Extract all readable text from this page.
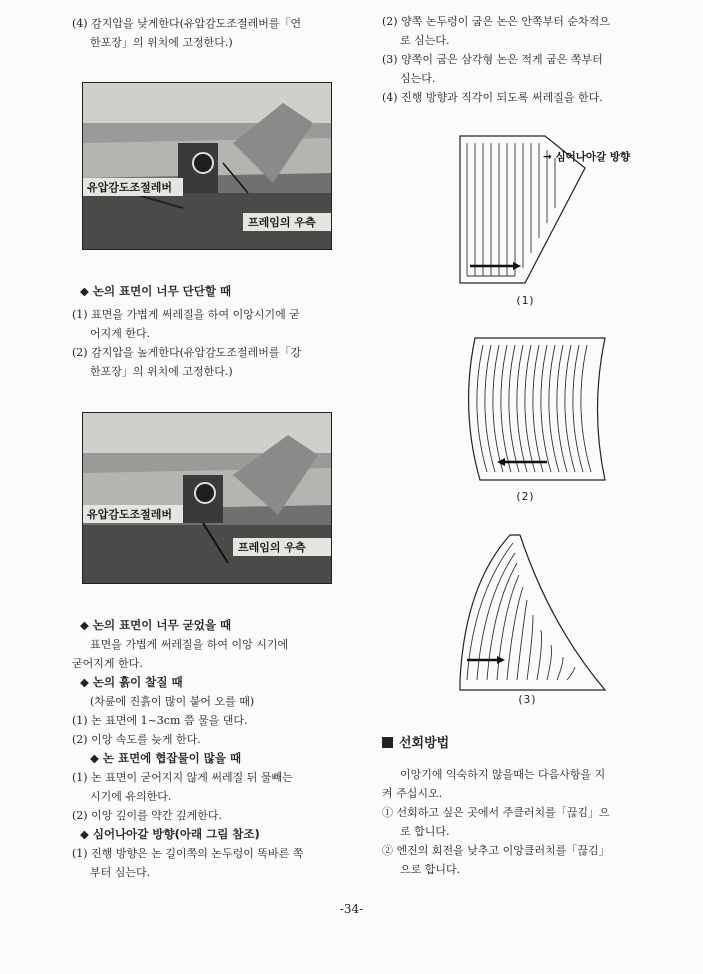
(4) 감지압을 낮게한다(유압감도조절레버를「연

한포장」의 위치에 고정한다.)

유압감도조절레버
프레임의 우측

◆ 논의 표면이 너무 단단할 때

(1) 표면을 가볍게 써레질을 하여 이앙시기에 굳

어지게 한다.

(2) 감지압을 높게한다(유압감도조절레버를「강

한포장」의 위치에 고정한다.)

유압감도조절레버
프레임의 우측

◆ 논의 표면이 너무 굳었을 때

표면을 가볍게 써레질을 하여 이앙 시기에

굳어지게 한다.

◆ 논의 흙이 찰질 때

(차륜에 진흙이 많이 붙어 오를 때)

(1) 논 표면에 1~3cm 쯤 물을 댄다.

(2) 이앙 속도를 늦게 한다.

◆ 논 표면에 협잡물이 많을 때

(1) 논 표면이 굳어지지 않게 써레질 뒤 물빼는

시기에 유의한다.

(2) 이앙 깊이를 약간 깊게한다.

◆ 심어나아갈 방향(아래 그림 참조)

(1) 진행 방향은 논 길이쪽의 논두렁이 똑바른 쪽

부터 심는다.

(2) 양쪽 논두렁이 굽은 논은 안쪽부터 순차적으

로 심는다.

(3) 양쪽이 굽은 삼각형 논은 적게 굽은 쪽부터

심는다.

(4) 진행 방향과 직각이 되도록 써레질을 한다.

→ 심어나아갈 방향
(1)
(2)
(3)

선회방법

이앙기에 익숙하지 않을때는 다음사항을 지

켜 주십시오.

① 선회하고 싶은 곳에서 주클러치를「끊김」으

로 합니다.

② 엔진의 회전을 낮추고 이앙클러치를「끊김」

으로 합니다.

-34-
